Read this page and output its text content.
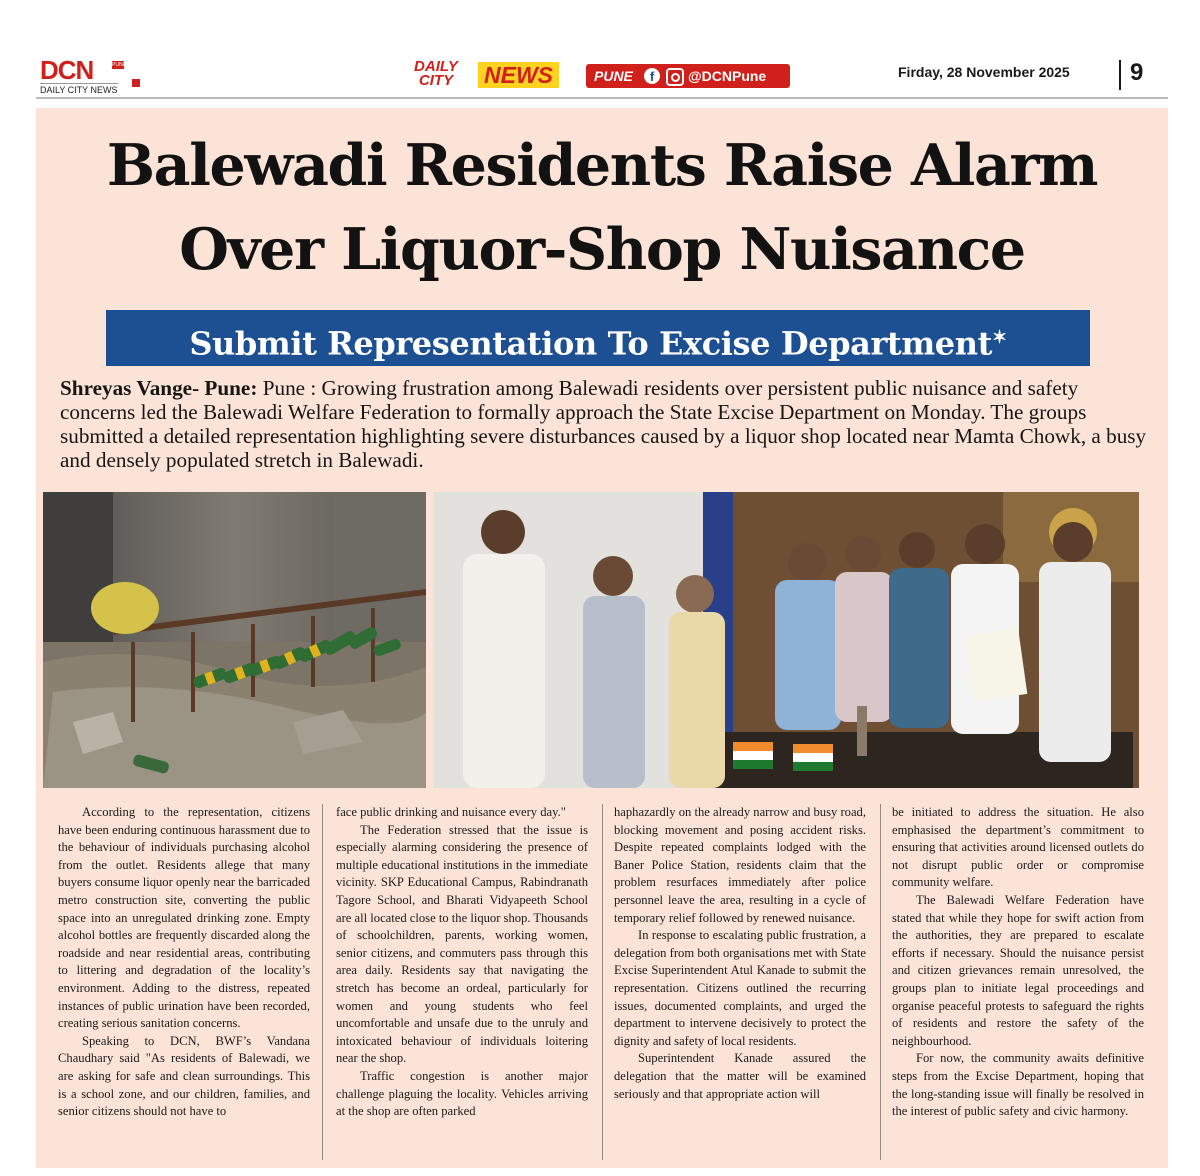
DCN	PUNE
DAILY CITY NEWS
DAILY CITY	NEWS	PUNE	f	@DCNPune	Firday, 28 November 2025	9
Balewadi Residents Raise Alarm Over Liquor-Shop Nuisance
Submit Representation To Excise Department✶

Shreyas Vange- Pune: Pune : Growing frustration among Balewadi residents over persistent public nuisance and safety concerns led the Balewadi Welfare Federation to formally approach the State Excise Department on Monday. The groups submitted a detailed representation highlighting severe disturbances caused by a liquor shop located near Mamta Chowk, a busy and densely populated stretch in Balewadi.

According to the representation, citizens have been enduring continuous harassment due to the behaviour of individuals purchasing alcohol from the outlet. Residents allege that many buyers consume liquor openly near the barricaded metro construction site, converting the public space into an unregulated drinking zone. Empty alcohol bottles are frequently discarded along the roadside and near residential areas, contributing to littering and degradation of the locality’s environment. Adding to the distress, repeated instances of public urination have been recorded, creating serious sanitation concerns.

Speaking to DCN, BWF’s Vandana Chaudhary said "As residents of Balewadi, we are asking for safe and clean surroundings. This is a school zone, and our children, families, and senior citizens should not have to

face public drinking and nuisance every day."

The Federation stressed that the issue is especially alarming considering the presence of multiple educational institutions in the immediate vicinity. SKP Educational Campus, Rabindranath Tagore School, and Bharati Vidyapeeth School are all located close to the liquor shop. Thousands of schoolchildren, parents, working women, senior citizens, and commuters pass through this area daily. Residents say that navigating the stretch has become an ordeal, particularly for women and young students who feel uncomfortable and unsafe due to the unruly and intoxicated behaviour of individuals loitering near the shop.

Traffic congestion is another major challenge plaguing the locality. Vehicles arriving at the shop are often parked

haphazardly on the already narrow and busy road, blocking movement and posing accident risks. Despite repeated complaints lodged with the Baner Police Station, residents claim that the problem resurfaces immediately after police personnel leave the area, resulting in a cycle of temporary relief followed by renewed nuisance.

In response to escalating public frustration, a delegation from both organisations met with State Excise Superintendent Atul Kanade to submit the representation. Citizens outlined the recurring issues, documented complaints, and urged the department to intervene decisively to protect the dignity and safety of local residents.

Superintendent Kanade assured the delegation that the matter will be examined seriously and that appropriate action will

be initiated to address the situation. He also emphasised the department’s commitment to ensuring that activities around licensed outlets do not disrupt public order or compromise community welfare.

The Balewadi Welfare Federation have stated that while they hope for swift action from the authorities, they are prepared to escalate efforts if necessary. Should the nuisance persist and citizen grievances remain unresolved, the groups plan to initiate legal proceedings and organise peaceful protests to safeguard the rights of residents and restore the safety of the neighbourhood.

For now, the community awaits definitive steps from the Excise Department, hoping that the long-standing issue will finally be resolved in the interest of public safety and civic harmony.
